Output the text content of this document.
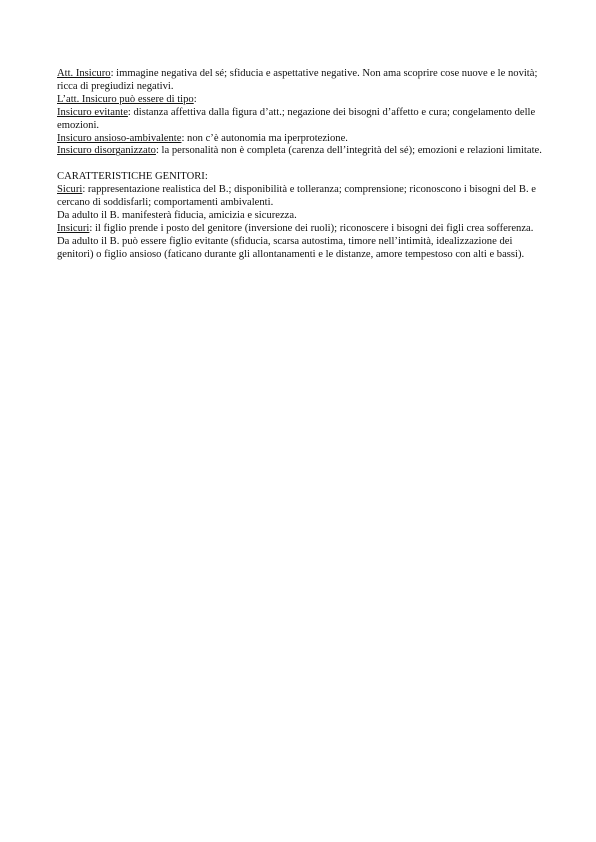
Att. Insicuro: immagine negativa del sé; sfiducia e aspettative negative. Non ama scoprire cose nuove e le novità; ricca di pregiudizi negativi.

L’att. Insicuro può essere di tipo:

Insicuro evitante: distanza affettiva dalla figura d’att.; negazione dei bisogni d’affetto e cura; congelamento delle emozioni.

Insicuro ansioso-ambivalente: non c’è autonomia ma iperprotezione.

Insicuro disorganizzato: la personalità non è completa (carenza dell’integrità del sé); emozioni e relazioni limitate.

CARATTERISTICHE GENITORI:

Sicuri: rappresentazione realistica del B.; disponibilità e tolleranza; comprensione; riconoscono i bisogni del B. e cercano di soddisfarli; comportamenti ambivalenti.

Da adulto il B. manifesterà fiducia, amicizia e sicurezza.

Insicuri: il figlio prende i posto del genitore (inversione dei ruoli); riconoscere i bisogni dei figli crea sofferenza.

Da adulto il B. può essere figlio evitante (sfiducia, scarsa autostima, timore nell’intimità, idealizzazione dei genitori) o figlio ansioso (faticano durante gli allontanamenti e le distanze, amore tempestoso con alti e bassi).
